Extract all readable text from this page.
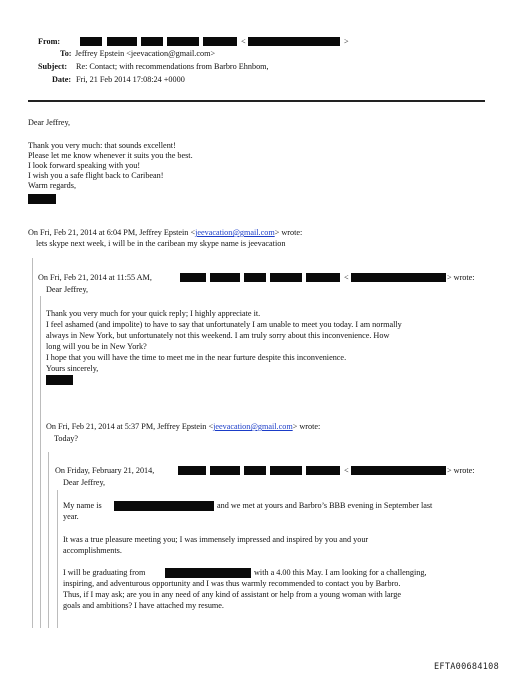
From:	<	>
To: Jeffrey Epstein <jeevacation@gmail.com>
Subject: Re: Contact; with recommendations from Barbro Ehnbom,
Date: Fri, 21 Feb 2014 17:08:24 +0000
Dear Jeffrey,
Thank you very much: that sounds excellent!
Please let me know whenever it suits you the best.
I look forward speaking with you!
I wish you a safe flight back to Caribean!
Warm regards,
On Fri, Feb 21, 2014 at 6:04 PM, Jeffrey Epstein <jeevacation@gmail.com> wrote:
lets skype next week, i will be in the caribean my skype name is jeevacation
On Fri, Feb 21, 2014 at 11:55 AM,	<	> wrote:
Dear Jeffrey,
Thank you very much for your quick reply; I highly appreciate it.
I feel ashamed (and impolite) to have to say that unfortunately I am unable to meet you today. I am normally
always in New York, but unfortunately not this weekend. I am truly sorry about this inconvenience. How
long will you be in New York?
I hope that you will have the time to meet me in the near furture despite this inconvenience.
Yours sincerely,
On Fri, Feb 21, 2014 at 5:37 PM, Jeffrey Epstein <jeevacation@gmail.com> wrote:
Today?
On Friday, February 21, 2014,	<	> wrote:
Dear Jeffrey,
My name is	and we met at yours and Barbro’s BBB evening in September last
year.
It was a true pleasure meeting you; I was immensely impressed and inspired by you and your
accomplishments.
I will be graduating from	with a 4.00 this May. I am looking for a challenging,
inspiring, and adventurous opportunity and I was thus warmly recommended to contact you by Barbro.
Thus, if I may ask; are you in any need of any kind of assistant or help from a young woman with large
goals and ambitions? I have attached my resume.
EFTA00684108
